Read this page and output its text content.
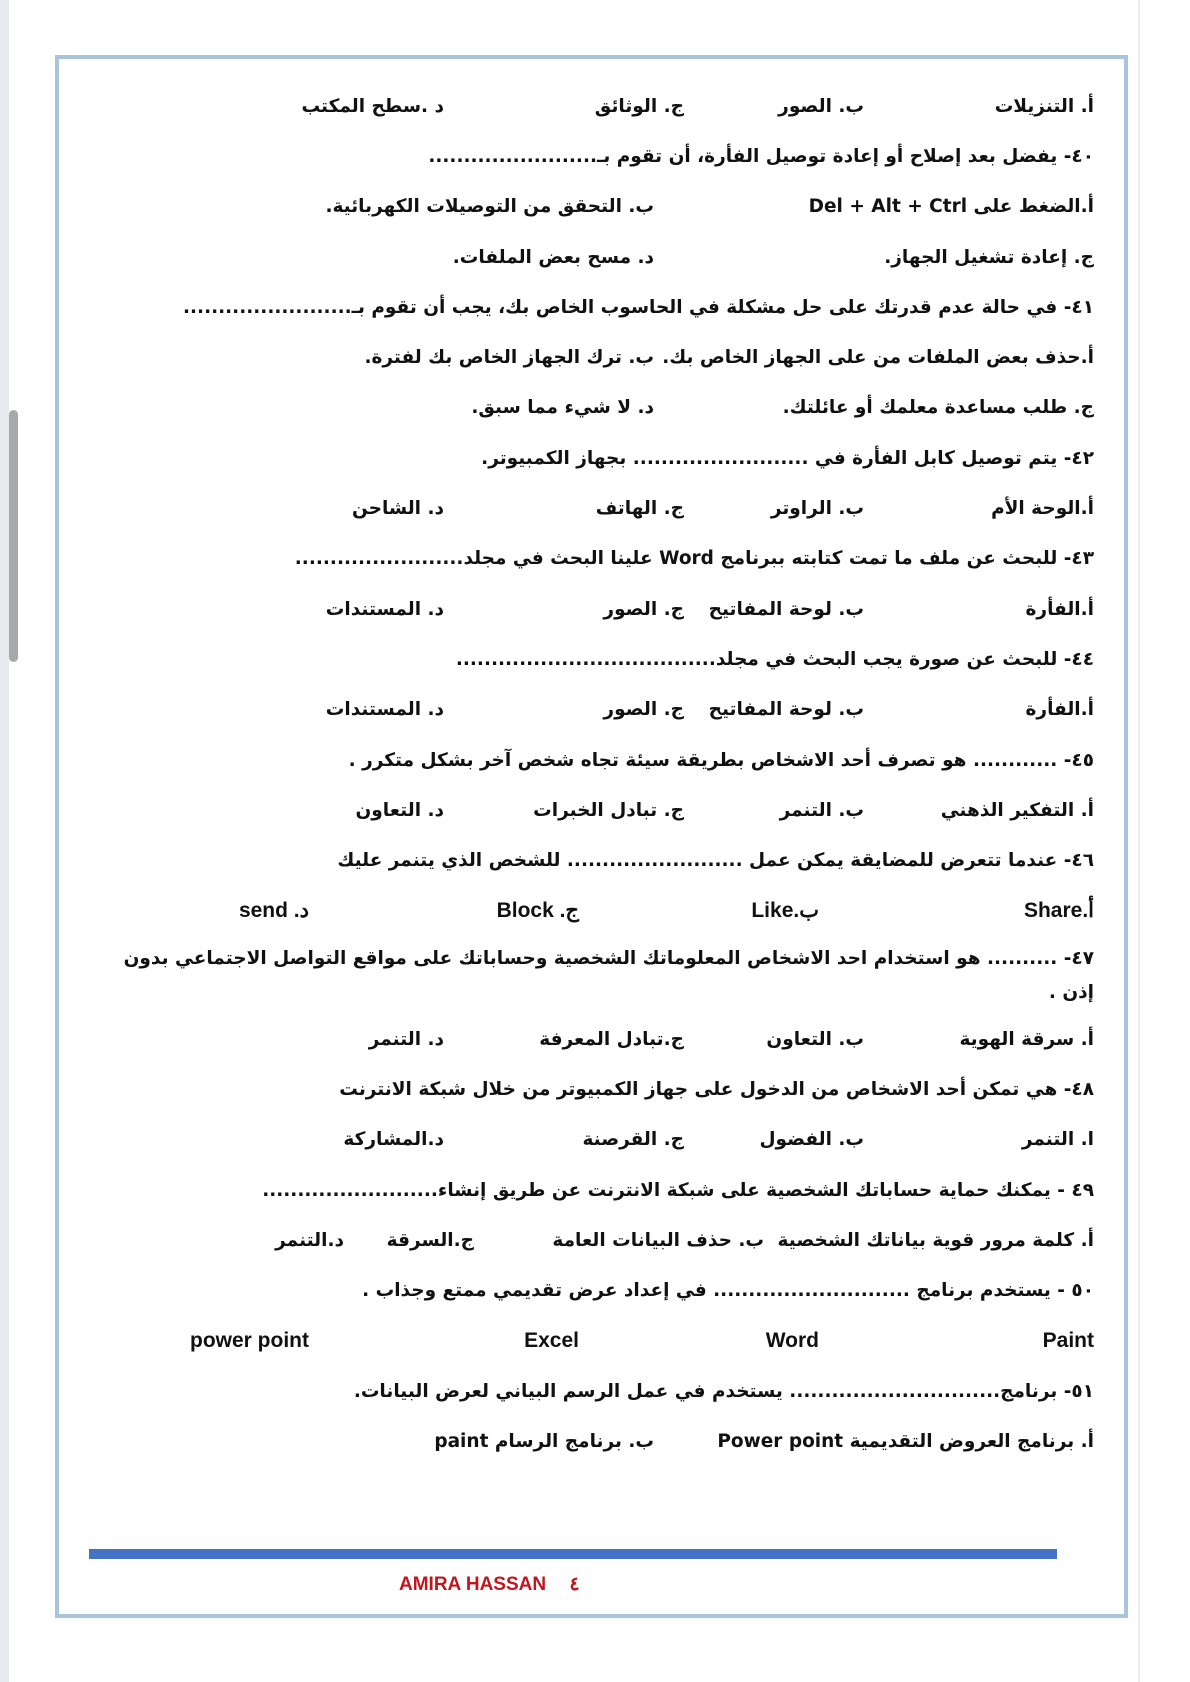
أ. التنزيلات
ب. الصور
ج. الوثائق
د .سطح المكتب
٤٠- يفضل بعد إصلاح أو إعادة توصيل الفأرة، أن تقوم بـ........................
أ.الضغط على Del + Alt + Ctrl
ب. التحقق من التوصيلات الكهربائية.
ج. إعادة تشغيل الجهاز.
د. مسح بعض الملفات.
٤١- في حالة عدم قدرتك على حل مشكلة في الحاسوب الخاص بك، يجب أن تقوم بـ........................
أ.حذف بعض الملفات من على الجهاز الخاص بك.
ب. ترك الجهاز الخاص بك لفترة.
ج. طلب مساعدة معلمك أو عائلتك.
د. لا شيء مما سبق.
٤٢- يتم توصيل كابل الفأرة في ......................... بجهاز الكمبيوتر.
أ.الوحة الأم
ب. الراوتر
ج. الهاتف
د. الشاحن
٤٣- للبحث عن ملف ما تمت كتابته ببرنامج Word علينا البحث في مجلد........................
أ.الفأرة
ب. لوحة المفاتيح
ج. الصور
د. المستندات
٤٤- للبحث عن صورة يجب البحث في مجلد.....................................
أ.الفأرة
ب. لوحة المفاتيح
ج. الصور
د. المستندات
٤٥- ............ هو تصرف أحد الاشخاص بطريقة سيئة تجاه شخص آخر بشكل متكرر .
أ. التفكير الذهني
ب. التنمر
ج. تبادل الخبرات
د. التعاون
٤٦- عندما تتعرض للمضايقة يمكن عمل ......................... للشخص الذي يتنمر عليك
أ.Share
ب.Like
ج. Block
د. send
٤٧- .......... هو استخدام احد الاشخاص المعلوماتك الشخصية وحساباتك على مواقع التواصل الاجتماعي بدون إذن .
أ. سرقة الهوية
ب. التعاون
ج.تبادل المعرفة
د. التنمر
٤٨- هي تمكن أحد الاشخاص من الدخول على جهاز الكمبيوتر من خلال شبكة الانترنت
ا. التنمر
ب. الفضول
ج. القرصنة
د.المشاركة
٤٩ - يمكنك حماية حساباتك الشخصية على شبكة الانترنت عن طريق إنشاء.........................
أ. كلمة مرور قوية بياناتك الشخصية
ب. حذف البيانات العامة
ج.السرقة
د.التنمر
٥٠ - يستخدم برنامج ............................ في إعداد عرض تقديمي ممتع وجذاب .
Paint
Word
Excel
power point
٥١- برنامج.............................. يستخدم في عمل الرسم البياني لعرض البيانات.
أ. برنامج العروض التقديمية Power point
ب. برنامج الرسام paint
AMIRA HASSAN ٤
